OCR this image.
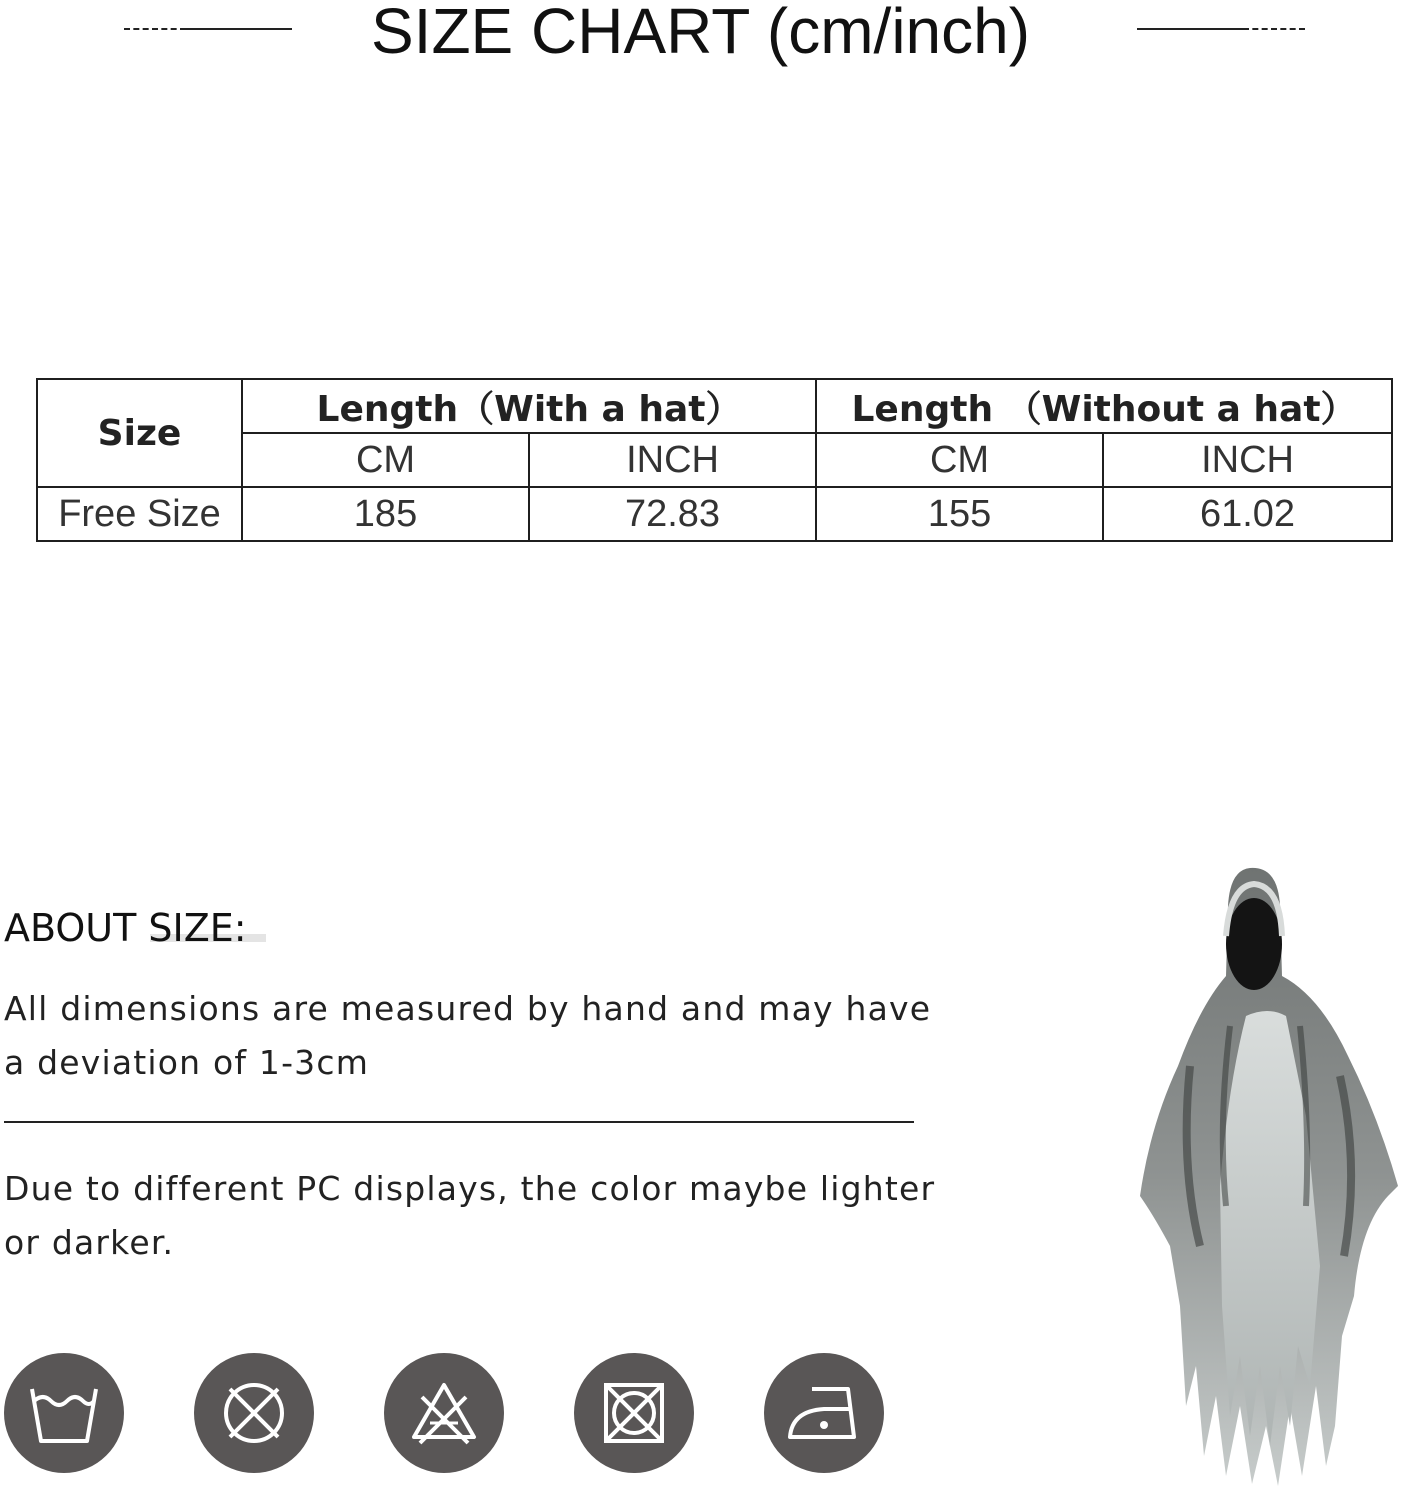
SIZE CHART (cm/inch)
Size	Length（With a hat）		Length （Without a hat）	
	CM	INCH	CM	INCH
Free Size	185	72.83	155	61.02
ABOUT SIZE:
All dimensions are measured by hand and may have a deviation of 1-3cm
Due to different PC displays, the color maybe lighter or darker.
